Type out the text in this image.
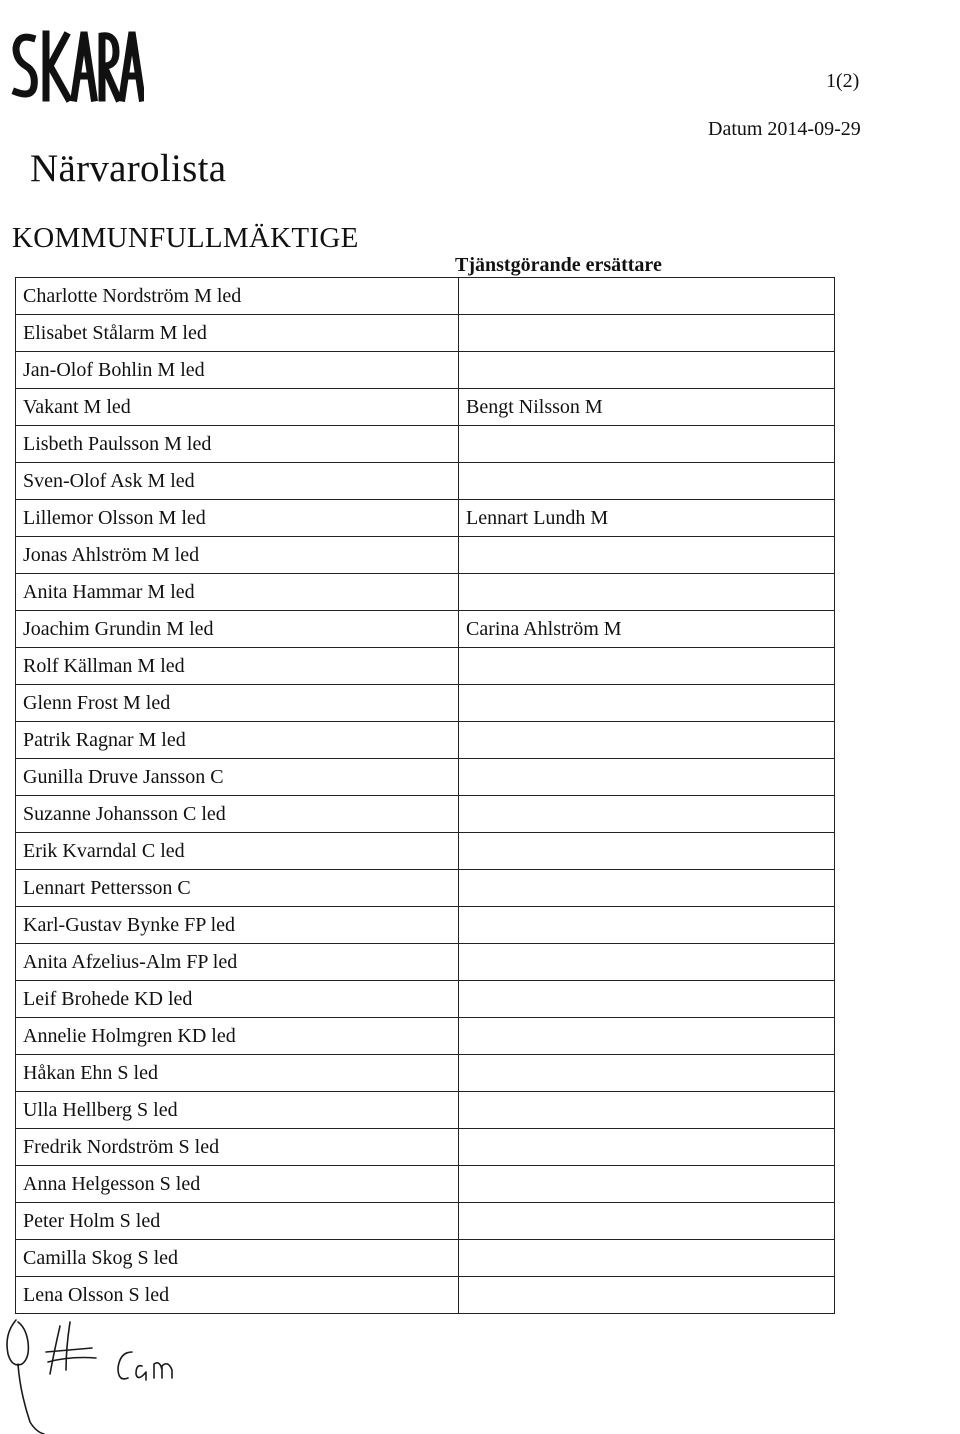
1(2)
Datum 2014-09-29
Närvarolista
KOMMUNFULLMÄKTIGE
Tjänstgörande ersättare
Charlotte Nordström M led	
Elisabet Stålarm M led	
Jan-Olof Bohlin M led	
Vakant M led	Bengt Nilsson M
Lisbeth Paulsson M led	
Sven-Olof Ask M led	
Lillemor Olsson M led	Lennart Lundh M
Jonas Ahlström M led	
Anita Hammar M led	
Joachim Grundin M led	Carina Ahlström M
Rolf Källman M led	
Glenn Frost M led	
Patrik Ragnar M led	
Gunilla Druve Jansson C	
Suzanne Johansson C led	
Erik Kvarndal C led	
Lennart Pettersson C	
Karl-Gustav Bynke FP led	
Anita Afzelius-Alm FP led	
Leif Brohede KD led	
Annelie Holmgren KD led	
Håkan Ehn S led	
Ulla Hellberg S led	
Fredrik Nordström S led	
Anna Helgesson S led	
Peter Holm S led	
Camilla Skog S led	
Lena Olsson S led	
